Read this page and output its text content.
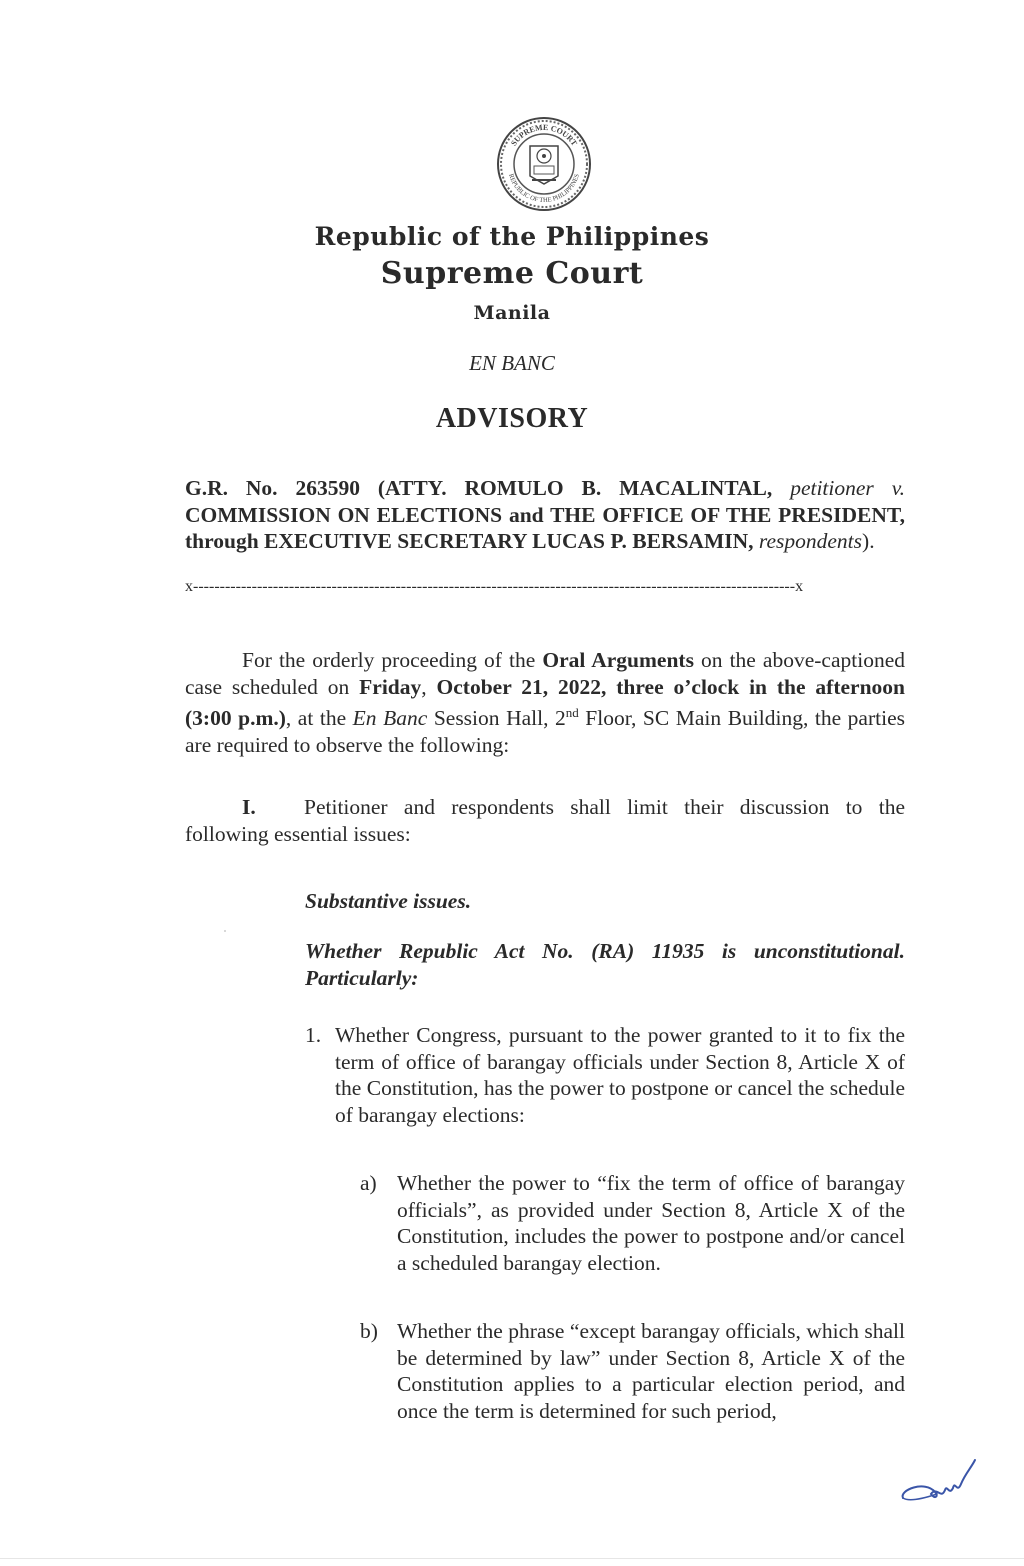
SUPREME COURT
REPUBLIC OF THE PHILIPPINES
Republic of the Philippines
Supreme Court
Manila
EN BANC
ADVISORY
G.R. No. 263590 (ATTY. ROMULO B. MACALINTAL, petitioner v. COMMISSION ON ELECTIONS and THE OFFICE OF THE PRESIDENT, through EXECUTIVE SECRETARY LUCAS P. BERSAMIN, respondents).
x-----------------------------------------------------------------------------------------------------------------x
For the orderly proceeding of the Oral Arguments on the above-captioned case scheduled on Friday, October 21, 2022, three o’clock in the afternoon (3:00 p.m.), at the En Banc Session Hall, 2nd Floor, SC Main Building, the parties are required to observe the following:
I. Petitioner and respondents shall limit their discussion to the following essential issues:
Substantive issues.
Whether Republic Act No. (RA) 11935 is unconstitutional. Particularly:
1. Whether Congress, pursuant to the power granted to it to fix the term of office of barangay officials under Section 8, Article X of the Constitution, has the power to postpone or cancel the schedule of barangay elections:
a) Whether the power to “fix the term of office of barangay officials”, as provided under Section 8, Article X of the Constitution, includes the power to postpone and/or cancel a scheduled barangay election.
b) Whether the phrase “except barangay officials, which shall be determined by law” under Section 8, Article X of the Constitution applies to a particular election period, and once the term is determined for such period,
